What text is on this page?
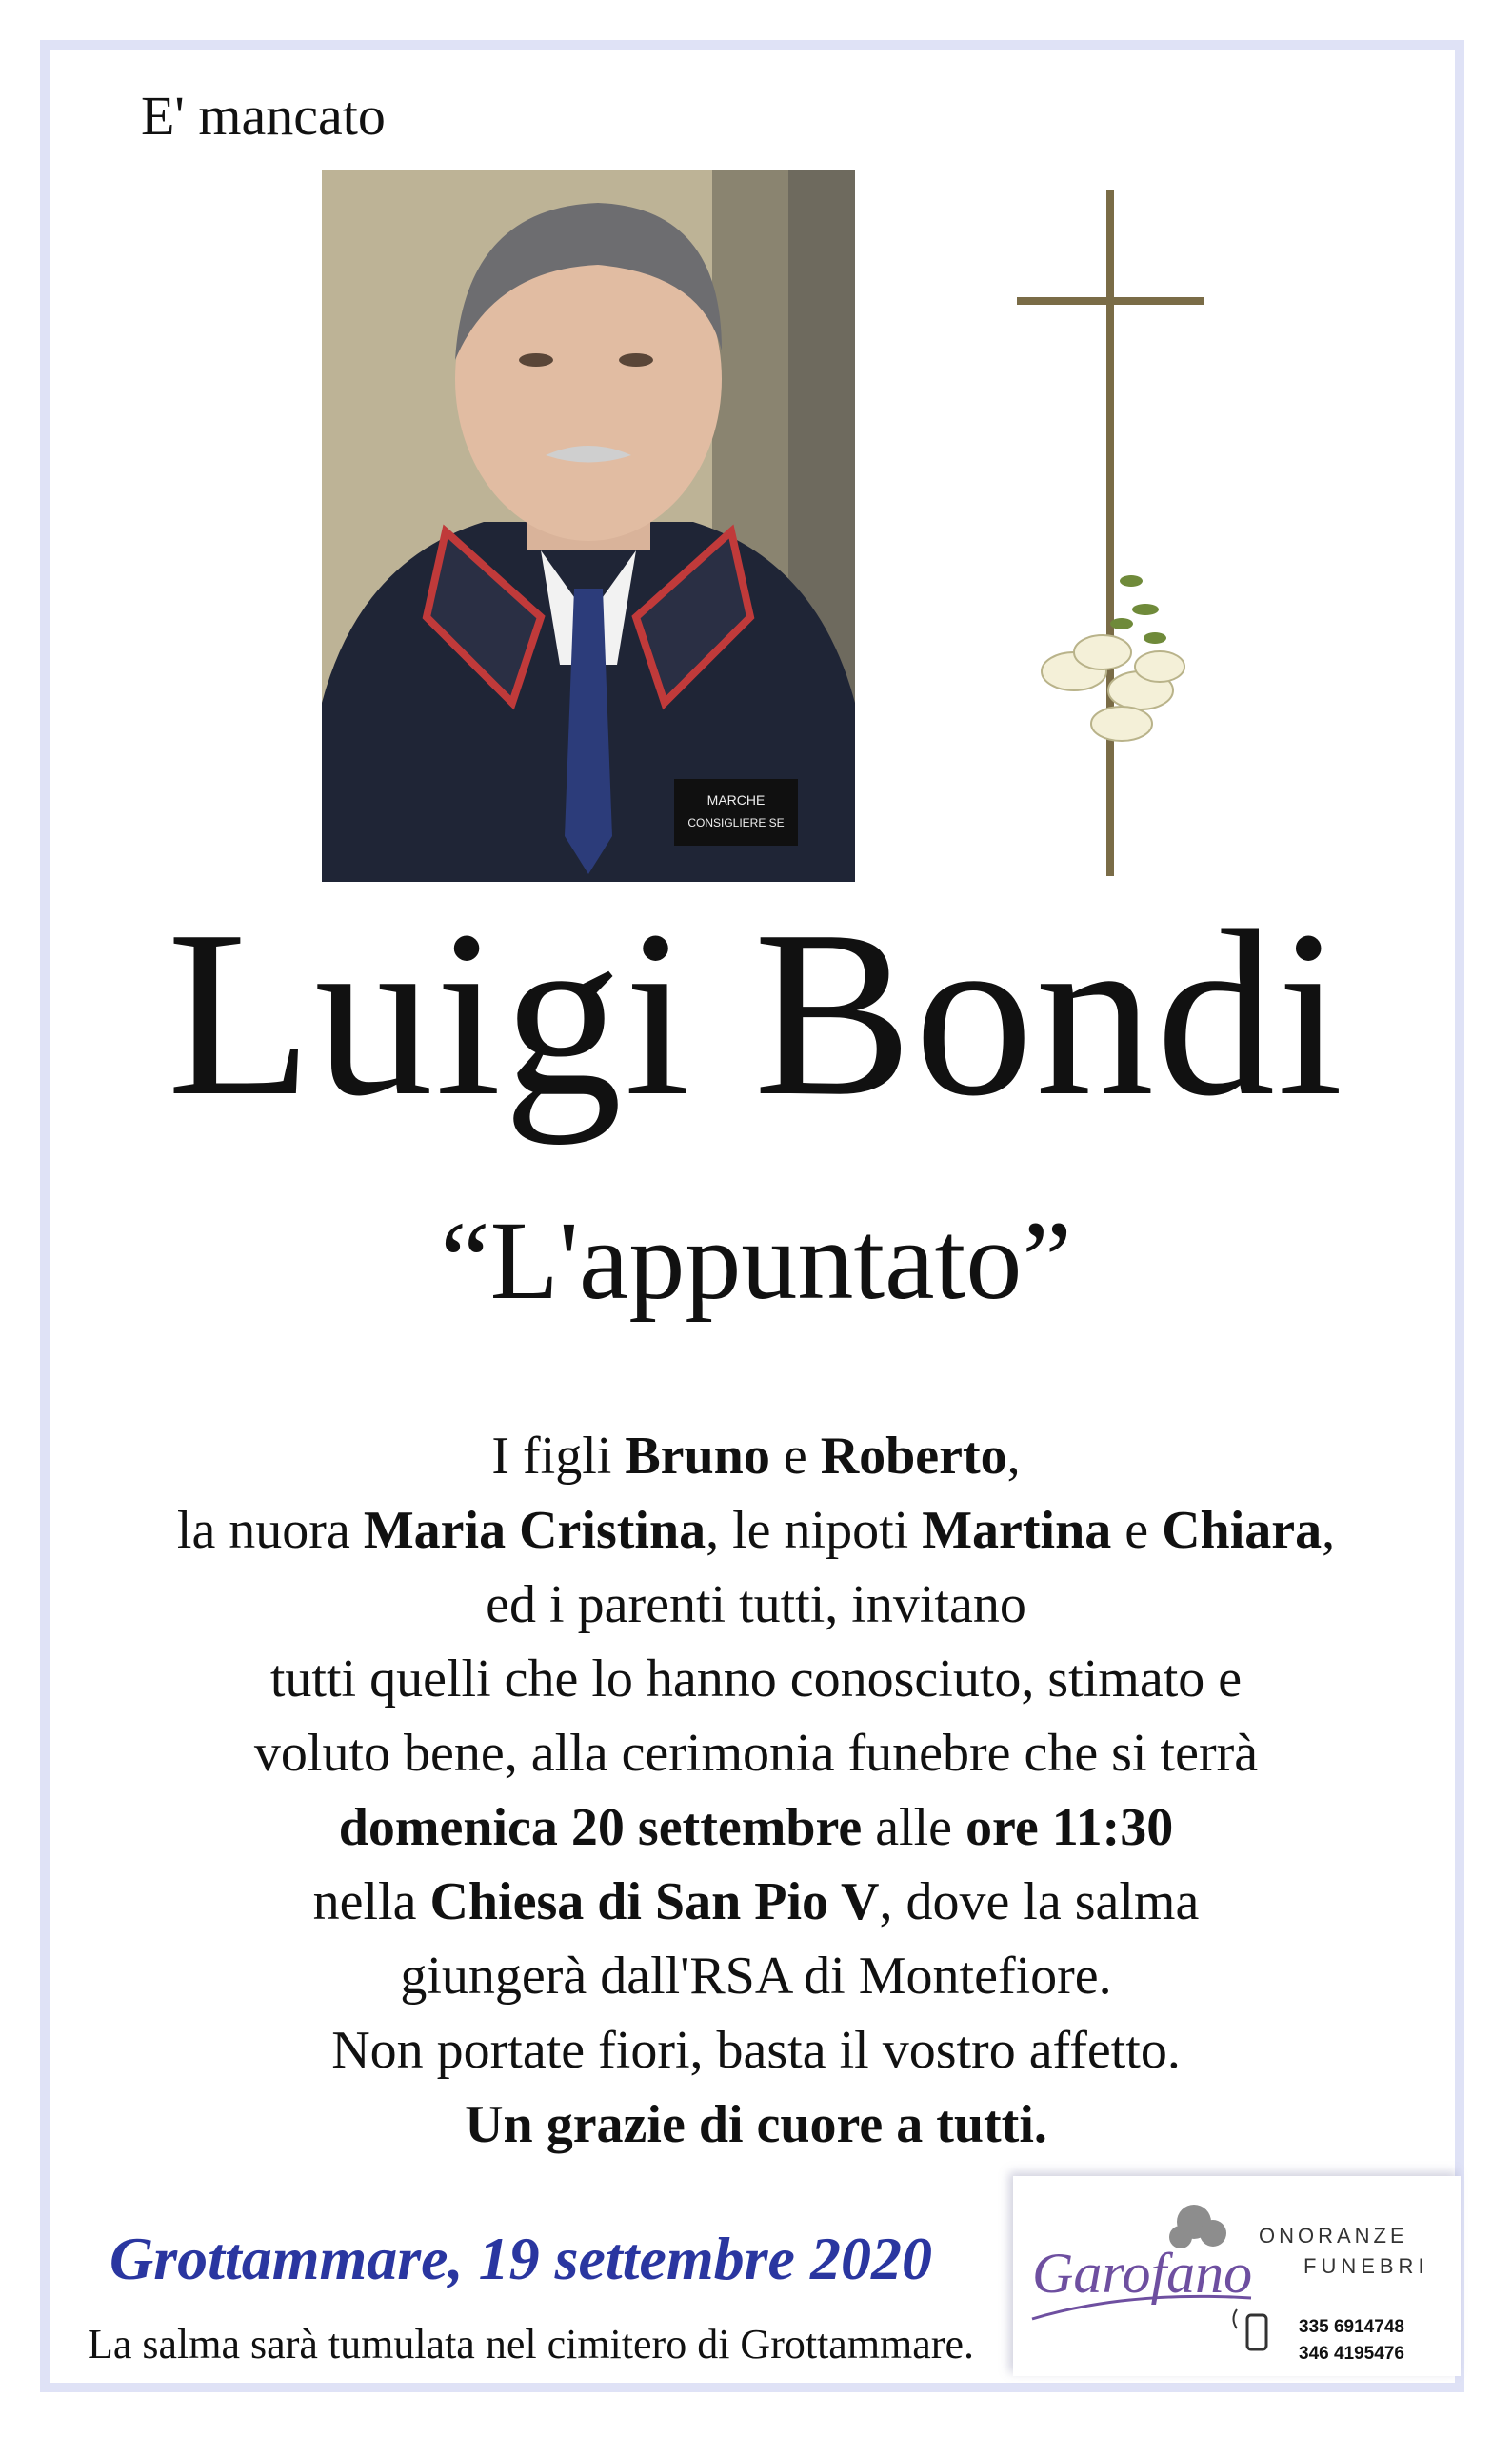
E' mancato
MARCHE
CONSIGLIERE SE
Luigi Bondi
“L'appuntato”
I figli Bruno e Roberto,
la nuora Maria Cristina, le nipoti Martina e Chiara,
ed i parenti tutti, invitano
tutti quelli che lo hanno conosciuto, stimato e
voluto bene, alla cerimonia funebre che si terrà
domenica 20 settembre alle ore 11:30
nella Chiesa di San Pio V, dove la salma
giungerà dall'RSA di Montefiore.
Non portate fiori, basta il vostro affetto.
Un grazie di cuore a tutti.
Grottammare, 19 settembre 2020
La salma sarà tumulata nel cimitero di Grottammare.
Garofano
ONORANZE
FUNEBRI
335 6914748
346 4195476
